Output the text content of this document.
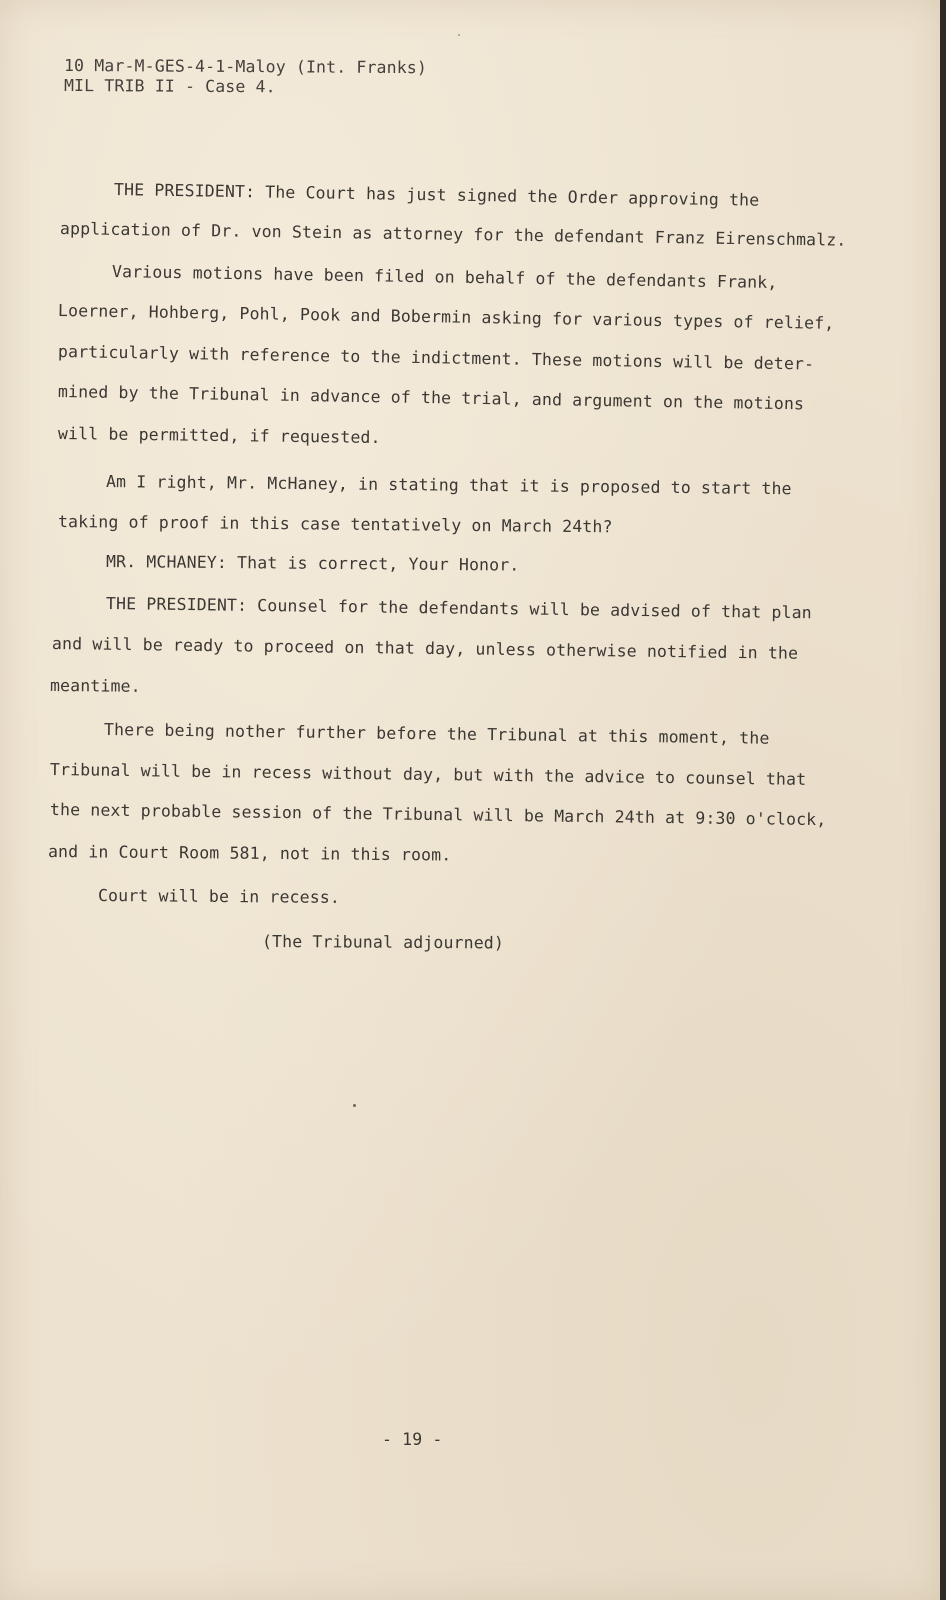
10 Mar-M-GES-4-1-Maloy (Int. Franks)

MIL TRIB II - Case 4.

THE PRESIDENT: The Court has just signed the Order approving the

application of Dr. von Stein as attorney for the defendant Franz Eirenschmalz.

Various motions have been filed on behalf of the defendants Frank,

Loerner, Hohberg, Pohl, Pook and Bobermin asking for various types of relief,

particularly with reference to the indictment. These motions will be deter-

mined by the Tribunal in advance of the trial, and argument on the motions

will be permitted, if requested.

Am I right, Mr. McHaney, in stating that it is proposed to start the

taking of proof in this case tentatively on March 24th?

MR. MCHANEY: That is correct, Your Honor.

THE PRESIDENT: Counsel for the defendants will be advised of that plan

and will be ready to proceed on that day, unless otherwise notified in the

meantime.

There being nother further before the Tribunal at this moment, the

Tribunal will be in recess without day, but with the advice to counsel that

the next probable session of the Tribunal will be March 24th at 9:30 o'clock,

and in Court Room 581, not in this room.

Court will be in recess.

(The Tribunal adjourned)

- 19 -
